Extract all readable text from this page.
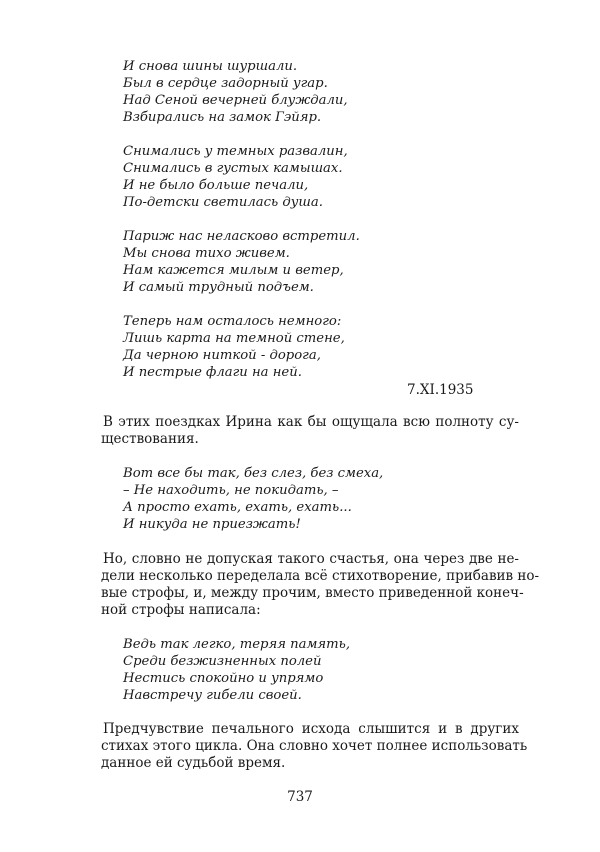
И снова шины шуршали.
Был в сердце задорный угар.
Над Сеной вечерней блуждали,
Взбирались на замок Гэйяр.
Снимались у темных развалин,
Снимались в густых камышах.
И не было больше печали,
По-детски светилась душа.
Париж нас неласково встретил.
Мы снова тихо живем.
Нам кажется милым и ветер,
И самый трудный подъем.
Теперь нам осталось немного:
Лишь карта на темной стене,
Да черною ниткой - дорога,
И пестрые флаги на ней.
7.XI.1935
В этих поездках Ирина как бы ощущала всю полноту су-
ществования.
Вот все бы так, без слез, без смеха,
– Не находить, не покидать, –
А просто ехать, ехать, ехать...
И никуда не приезжать!
Но, словно не допуская такого счастья, она через две не-
дели несколько переделала всё стихотворение, прибавив но-
вые строфы, и, между прочим, вместо приведенной конеч-
ной строфы написала:
Ведь так легко, теряя память,
Среди безжизненных полей
Нестись спокойно и упрямо
Навстречу гибели своей.
Предчувствие печального исхода слышится и в других
стихах этого цикла. Она словно хочет полнее использовать
данное ей судьбой время.
737
